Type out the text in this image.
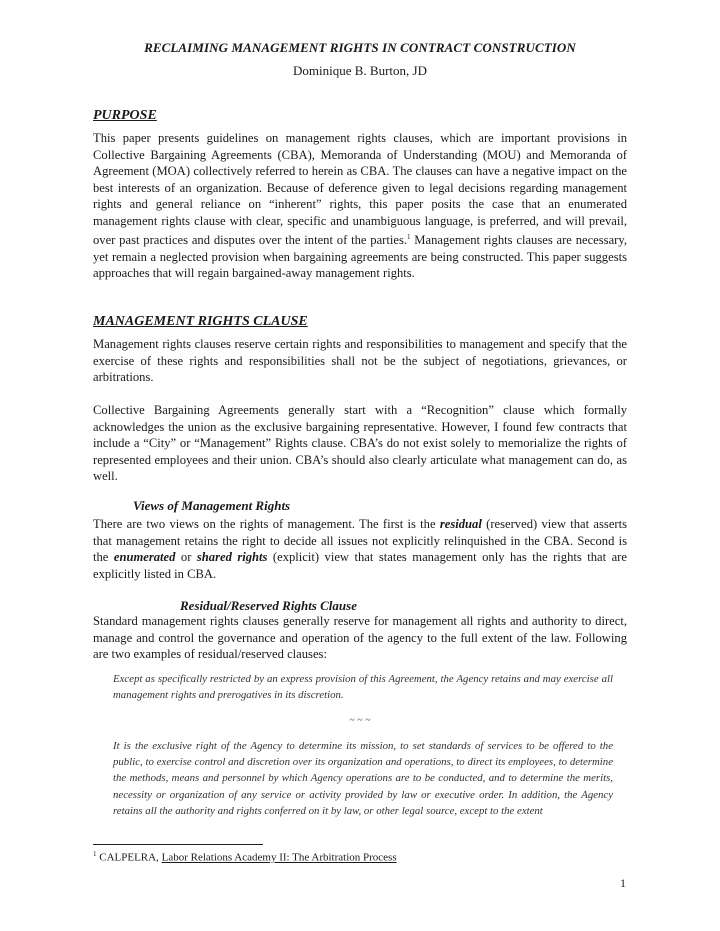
RECLAIMING MANAGEMENT RIGHTS IN CONTRACT CONSTRUCTION
Dominique B. Burton, JD
PURPOSE

This paper presents guidelines on management rights clauses, which are important provisions in Collective Bargaining Agreements (CBA), Memoranda of Understanding (MOU) and Memoranda of Agreement (MOA) collectively referred to herein as CBA. The clauses can have a negative impact on the best interests of an organization. Because of deference given to legal decisions regarding management rights and general reliance on “inherent” rights, this paper posits the case that an enumerated management rights clause with clear, specific and unambiguous language, is preferred, and will prevail, over past practices and disputes over the intent of the parties.$^1$ Management rights clauses are necessary, yet remain a neglected provision when bargaining agreements are being constructed. This paper suggests approaches that will regain bargained-away management rights.

MANAGEMENT RIGHTS CLAUSE

Management rights clauses reserve certain rights and responsibilities to management and specify that the exercise of these rights and responsibilities shall not be the subject of negotiations, grievances, or arbitrations.

Collective Bargaining Agreements generally start with a “Recognition” clause which formally acknowledges the union as the exclusive bargaining representative. However, I found few contracts that include a “City” or “Management” Rights clause. CBA’s do not exist solely to memorialize the rights of represented employees and their union. CBA’s should also clearly articulate what management can do, as well.

Views of Management Rights

There are two views on the rights of management. The first is the residual (reserved) view that asserts that management retains the right to decide all issues not explicitly relinquished in the CBA. Second is the enumerated or shared rights (explicit) view that states management only has the rights that are explicitly listed in CBA.

Residual/Reserved Rights Clause

Standard management rights clauses generally reserve for management all rights and authority to direct, manage and control the governance and operation of the agency to the full extent of the law. Following are two examples of residual/reserved clauses:

Except as specifically restricted by an express provision of this Agreement, the Agency retains and may exercise all management rights and prerogatives in its discretion.

~ ~ ~

It is the exclusive right of the Agency to determine its mission, to set standards of services to be offered to the public, to exercise control and discretion over its organization and operations, to direct its employees, to determine the methods, means and personnel by which Agency operations are to be conducted, and to determine the merits, necessity or organization of any service or activity provided by law or executive order. In addition, the Agency retains all the authority and rights conferred on it by law, or other legal source, except to the extent

$^1$ CALPELRA, Labor Relations Academy II: The Arbitration Process
1
